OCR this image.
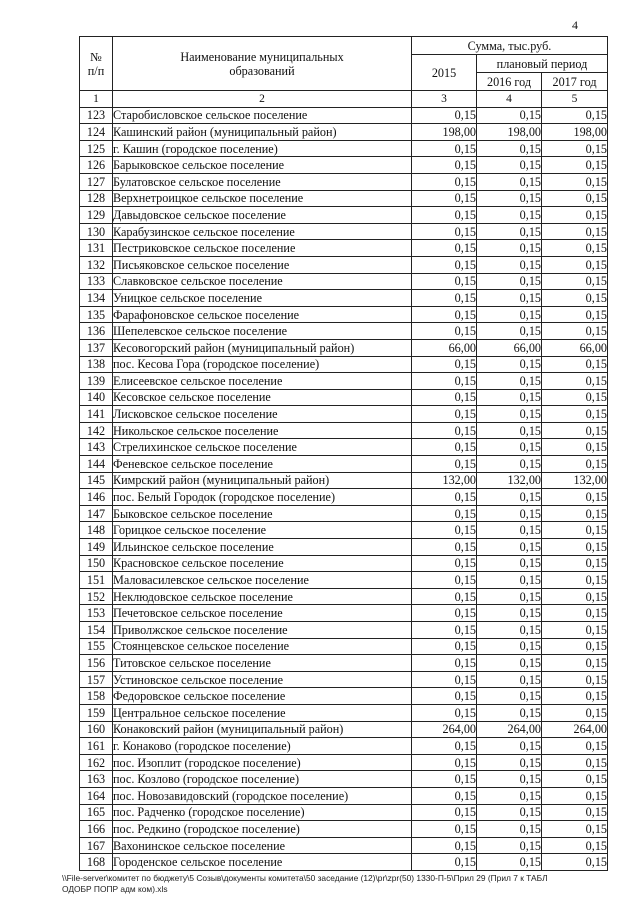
4
№ п/п	Наименование муниципальных образований	Сумма, тыс.руб.		
		2015	плановый период	
			2016 год	2017 год
1	2	3	4	5
123	Старобисловское сельское поселение	0,15	0,15	0,15
124	Кашинский район (муниципальный район)	198,00	198,00	198,00
125	г. Кашин (городское поселение)	0,15	0,15	0,15
126	Барыковское сельское поселение	0,15	0,15	0,15
127	Булатовское сельское поселение	0,15	0,15	0,15
128	Верхнетроицкое сельское поселение	0,15	0,15	0,15
129	Давыдовское сельское поселение	0,15	0,15	0,15
130	Карабузинское сельское поселение	0,15	0,15	0,15
131	Пестриковское сельское поселение	0,15	0,15	0,15
132	Письяковское сельское поселение	0,15	0,15	0,15
133	Славковское сельское поселение	0,15	0,15	0,15
134	Уницкое сельское поселение	0,15	0,15	0,15
135	Фарафоновское сельское поселение	0,15	0,15	0,15
136	Шепелевское сельское поселение	0,15	0,15	0,15
137	Кесовогорский район (муниципальный район)	66,00	66,00	66,00
138	пос. Кесова Гора (городское поселение)	0,15	0,15	0,15
139	Елисеевское сельское поселение	0,15	0,15	0,15
140	Кесовское сельское поселение	0,15	0,15	0,15
141	Лисковское сельское поселение	0,15	0,15	0,15
142	Никольское сельское поселение	0,15	0,15	0,15
143	Стрелихинское сельское поселение	0,15	0,15	0,15
144	Феневское сельское поселение	0,15	0,15	0,15
145	Кимрский район (муниципальный район)	132,00	132,00	132,00
146	пос. Белый Городок (городское поселение)	0,15	0,15	0,15
147	Быковское сельское поселение	0,15	0,15	0,15
148	Горицкое сельское поселение	0,15	0,15	0,15
149	Ильинское сельское поселение	0,15	0,15	0,15
150	Красновское сельское поселение	0,15	0,15	0,15
151	Маловасилевское сельское поселение	0,15	0,15	0,15
152	Неклюдовское сельское поселение	0,15	0,15	0,15
153	Печетовское сельское поселение	0,15	0,15	0,15
154	Приволжское сельское поселение	0,15	0,15	0,15
155	Стоянцевское сельское поселение	0,15	0,15	0,15
156	Титовское сельское поселение	0,15	0,15	0,15
157	Устиновское сельское поселение	0,15	0,15	0,15
158	Федоровское сельское поселение	0,15	0,15	0,15
159	Центральное сельское поселение	0,15	0,15	0,15
160	Конаковский район (муниципальный район)	264,00	264,00	264,00
161	г. Конаково (городское поселение)	0,15	0,15	0,15
162	пос. Изоплит (городское поселение)	0,15	0,15	0,15
163	пос. Козлово (городское поселение)	0,15	0,15	0,15
164	пос. Новозавидовский (городское поселение)	0,15	0,15	0,15
165	пос. Радченко (городское поселение)	0,15	0,15	0,15
166	пос. Редкино (городское поселение)	0,15	0,15	0,15
167	Вахонинское сельское поселение	0,15	0,15	0,15
168	Городенское сельское поселение	0,15	0,15	0,15
\\File-server\комитет по бюджету\5 Созыв\документы комитета\50 заседание (12)\pr\zpr(50) 1330-П-5\Прил 29 (Прил 7 к ТАБЛ
ОДОБР ПОПР адм ком).xls
